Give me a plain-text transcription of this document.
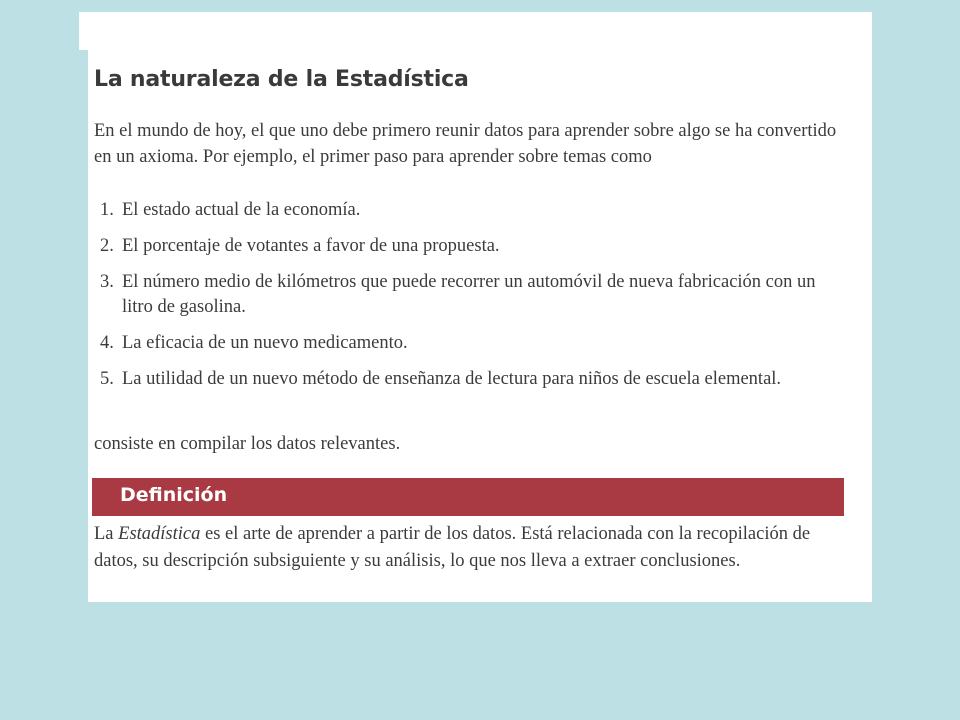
La naturaleza de la Estadística

En el mundo de hoy, el que uno debe primero reunir datos para aprender sobre algo se ha convertido en un axioma. Por ejemplo, el primer paso para aprender sobre temas como

1. El estado actual de la economía.
2. El porcentaje de votantes a favor de una propuesta.
3. El número medio de kilómetros que puede recorrer un automóvil de nueva fabricación con un litro de gasolina.
4. La eficacia de un nuevo medicamento.
5. La utilidad de un nuevo método de enseñanza de lectura para niños de escuela elemental.

consiste en compilar los datos relevantes.

Definición

La Estadística es el arte de aprender a partir de los datos. Está relacionada con la recopilación de datos, su descripción subsiguiente y su análisis, lo que nos lleva a extraer conclusiones.
